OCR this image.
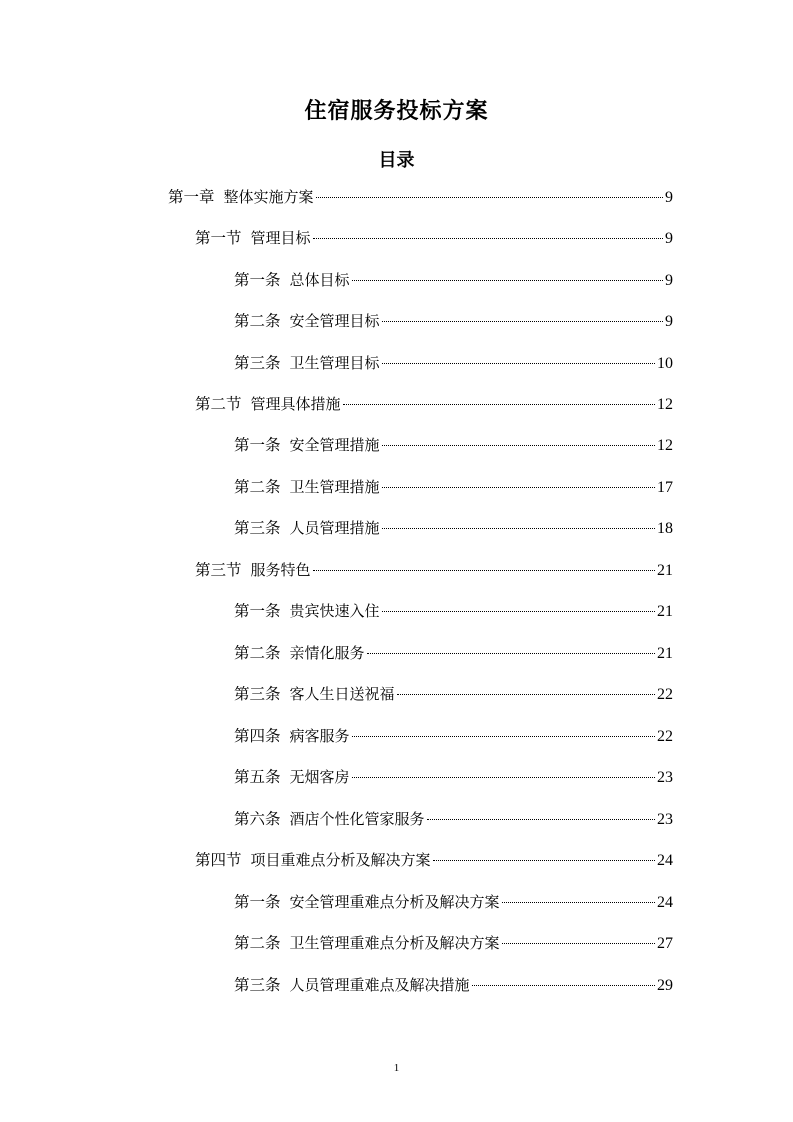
住宿服务投标方案
目录
第一章 整体实施方案	9
第一节 管理目标	9
第一条 总体目标	9
第二条 安全管理目标	9
第三条 卫生管理目标	10
第二节 管理具体措施	12
第一条 安全管理措施	12
第二条 卫生管理措施	17
第三条 人员管理措施	18
第三节 服务特色	21
第一条 贵宾快速入住	21
第二条 亲情化服务	21
第三条 客人生日送祝福	22
第四条 病客服务	22
第五条 无烟客房	23
第六条 酒店个性化管家服务	23
第四节 项目重难点分析及解决方案	24
第一条 安全管理重难点分析及解决方案	24
第二条 卫生管理重难点分析及解决方案	27
第三条 人员管理重难点及解决措施	29
1
